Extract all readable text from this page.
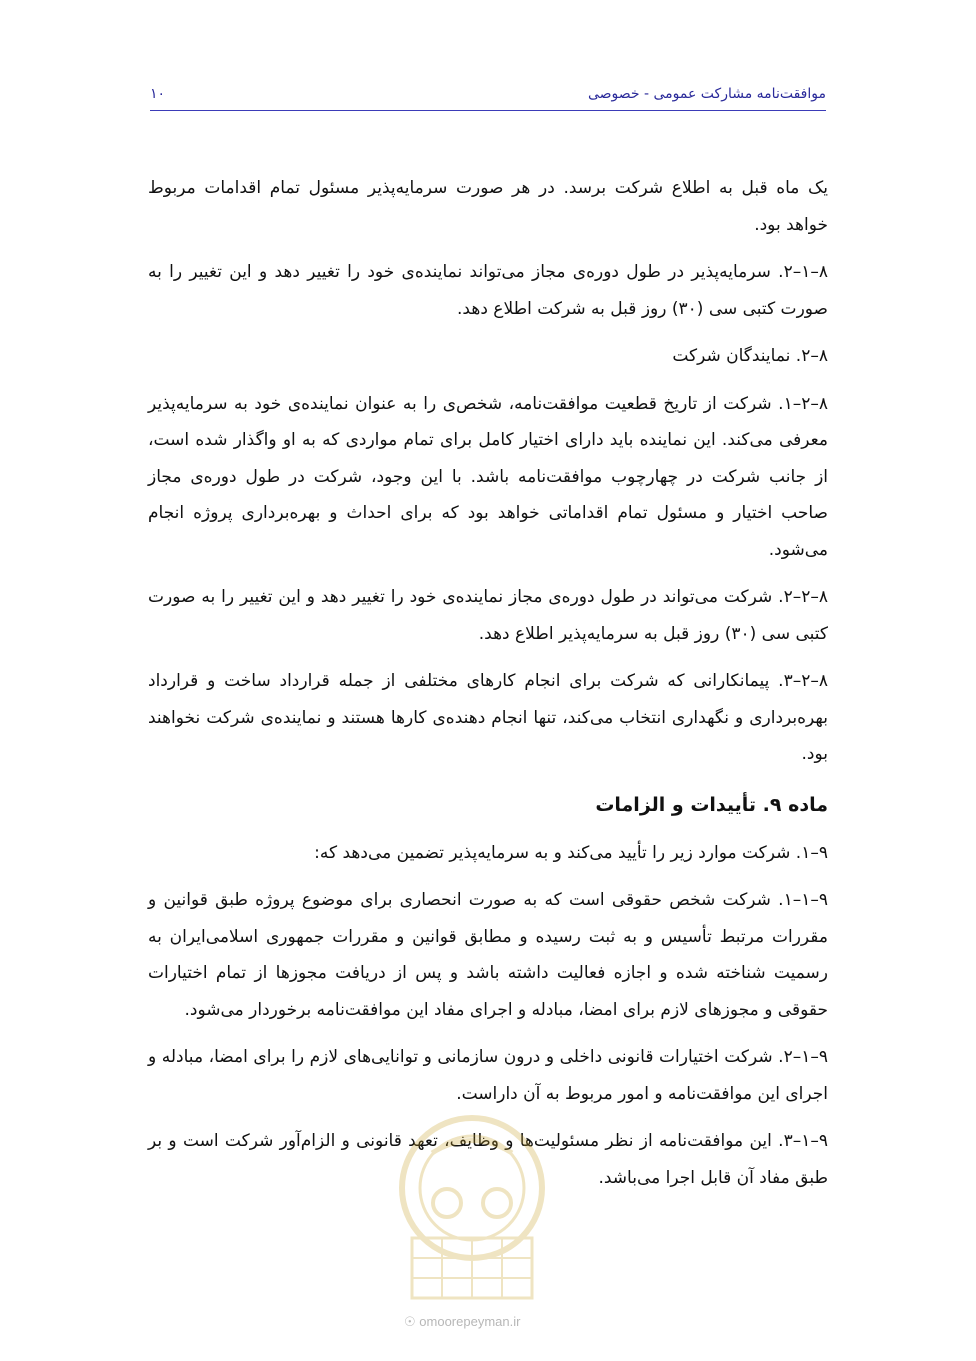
موافقت‌نامه مشارکت عمومی - خصوصی
۱۰

یک ماه قبل به اطلاع شرکت برسد. در هر صورت سرمایه‌پذیر مسئول تمام اقدامات مربوط خواهد بود.

۸–۱–۲. سرمایه‌پذیر در طول دوره‌ی مجاز می‌تواند نماینده‌ی خود را تغییر دهد و این تغییر را به صورت کتبی سی (۳۰) روز قبل به شرکت اطلاع دهد.

۸–۲. نمایندگان شرکت

۸–۲–۱. شرکت از تاریخ قطعیت موافقت‌نامه، شخص‌ی را به عنوان نماینده‌ی خود به سرمایه‌پذیر معرفی می‌کند. این نماینده باید دارای اختیار کامل برای تمام مواردی که به او واگذار شده است، از جانب شرکت در چهارچوب موافقت‌نامه باشد. با این وجود، شرکت در طول دوره‌ی مجاز صاحب اختیار و مسئول تمام اقداماتی خواهد بود که برای احداث و بهره‌برداری پروژه انجام می‌شود.

۸–۲–۲. شرکت می‌تواند در طول دوره‌ی مجاز نماینده‌ی خود را تغییر دهد و این تغییر را به صورت کتبی سی (۳۰) روز قبل به سرمایه‌پذیر اطلاع دهد.

۸–۲–۳. پیمانکارانی که شرکت برای انجام کارهای مختلفی از جمله قرارداد ساخت و قرارداد بهره‌برداری و نگهداری انتخاب می‌کند، تنها انجام دهنده‌ی کارها هستند و نماینده‌ی شرکت نخواهند بود.

ماده ۹. تأییدات و الزامات

۹–۱. شرکت موارد زیر را تأیید می‌کند و به سرمایه‌پذیر تضمین می‌دهد که:

۹–۱–۱. شرکت شخص حقوقی است که به صورت انحصاری برای موضوع پروژه طبق قوانین و مقررات مرتبط تأسیس و به ثبت رسیده و مطابق قوانین و مقررات جمهوری اسلامی‌ایران به رسمیت شناخته شده و اجازه فعالیت داشته باشد و پس از دریافت مجوزها از تمام اختیارات حقوقی و مجوزهای لازم برای امضا، مبادله و اجرای مفاد این موافقت‌نامه برخوردار می‌شود.

۹–۱–۲. شرکت اختیارات قانونی داخلی و درون سازمانی و توانایی‌های لازم را برای امضا، مبادله و اجرای این موافقت‌نامه و امور مربوط به آن داراست.

۹–۱–۳. این موافقت‌نامه از نظر مسئولیت‌ها و وظایف، تعهد قانونی و الزام‌آور شرکت است و بر طبق مفاد آن قابل اجرا می‌باشد.

☉ omoorepeyman.ir
